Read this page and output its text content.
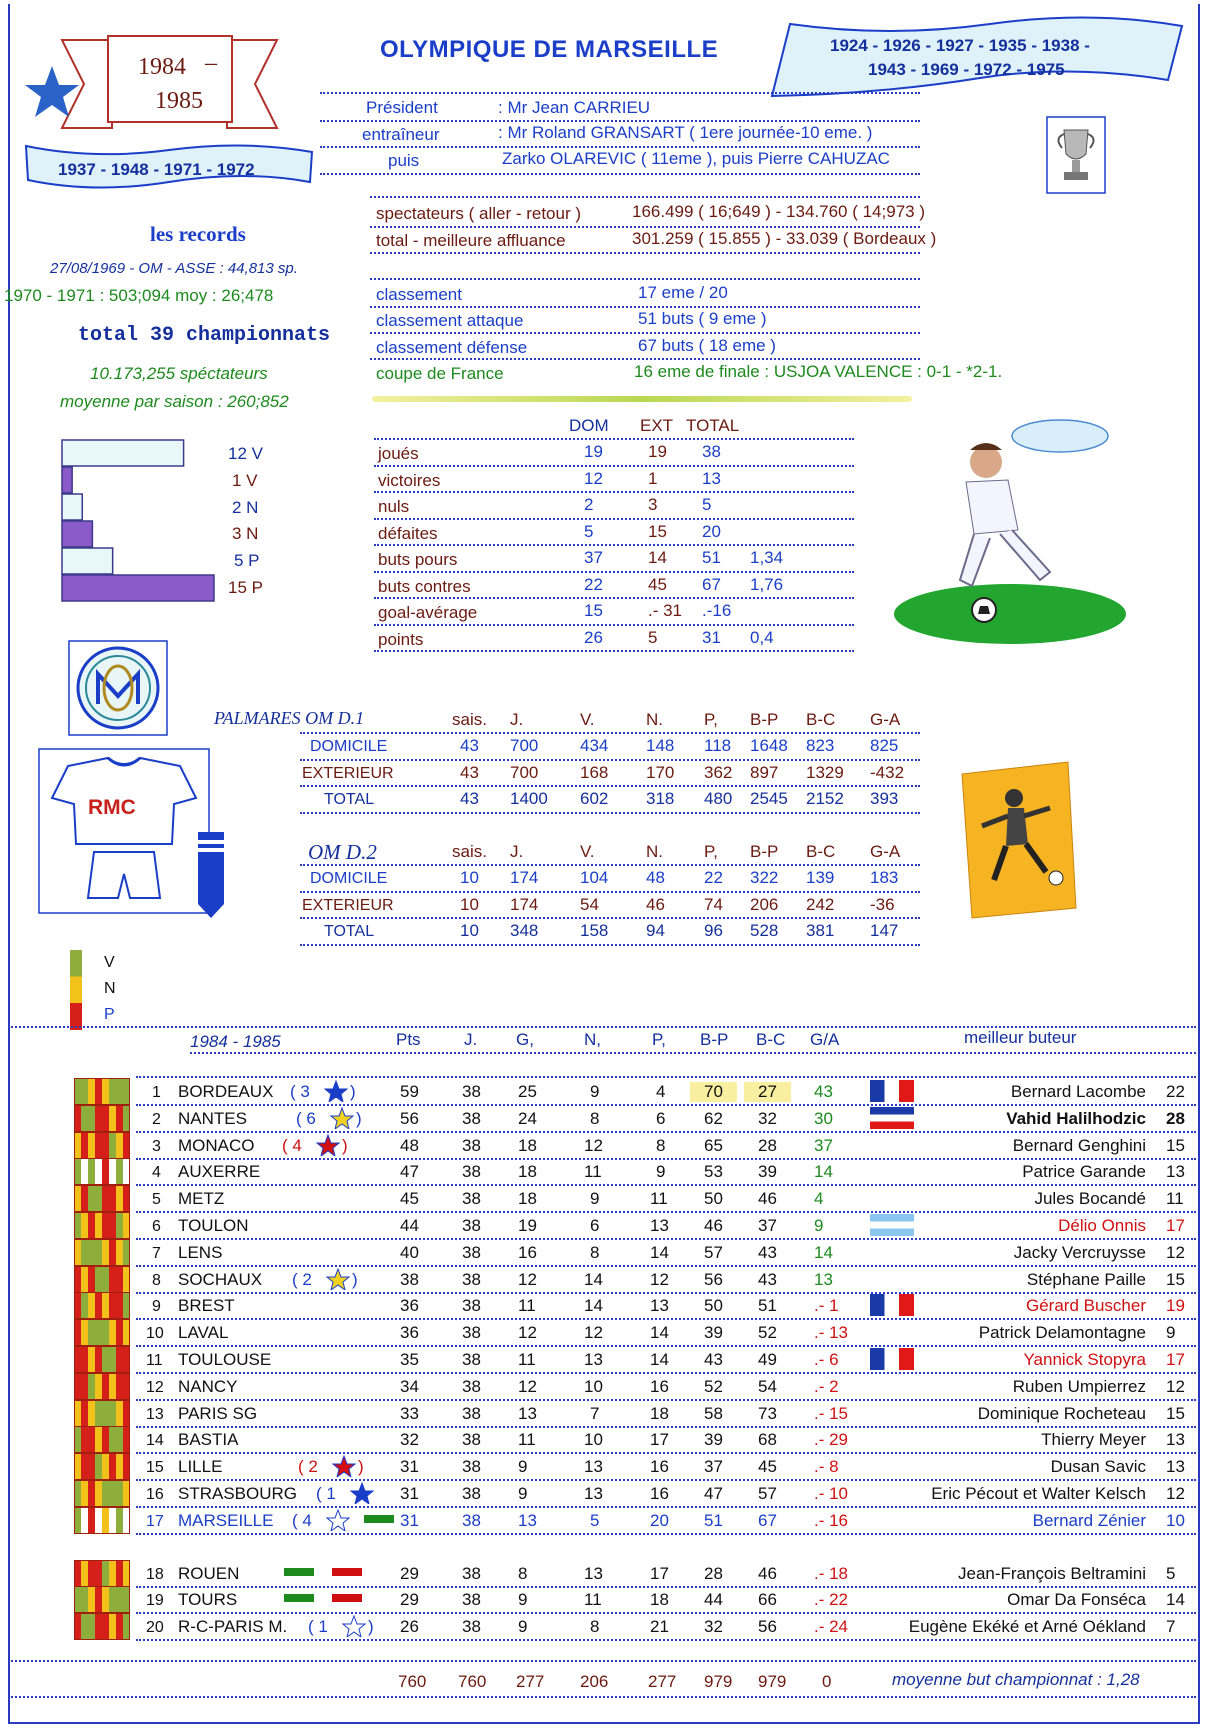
1984 –
1985
1937 - 1948 - 1971 - 1972
OLYMPIQUE DE MARSEILLE	1924 - 1926 - 1927 - 1935 - 1938 -
1943 - 1969 - 1972 - 1975
Président	: Mr Jean CARRIEU
entraîneur	: Mr Roland GRANSART ( 1ere journée-10 eme. )
puis	Zarko OLAREVIC ( 11eme ), puis Pierre CAHUZAC
spectateurs ( aller - retour )	166.499 ( 16;649 ) - 134.760 ( 14;973 )
total - meilleure affluance	301.259 ( 15.855 ) - 33.039 ( Bordeaux )
classement	17 eme / 20
classement attaque	51 buts ( 9 eme )
classement défense	67 buts ( 18 eme )
coupe de France	16 eme de finale : USJOA VALENCE : 0-1 - *2-1.
les records
27/08/1969 - OM - ASSE : 44,813 sp.
1970 - 1971 : 503;094 moy : 26;478
total 39 championnats
10.173,255 spéctateurs
moyenne par saison : 260;852
12 V
1 V
2 N
3 N
5 P
15 P
RMC
DOM EXT TOTAL
joués	19	19 38
victoires	12	1	13
nuls	2	3	5
défaites	5	15 20
buts pours	37	14 51 1,34
buts contres	22	45 67 1,76
goal-avérage	15	.- 31 .-16
points	26	5	31 0,4
PALMARES OM D.1	sais. J.	V.	N. P, B-P B-C G-A
DOMICILE	43 700 434 148 118 1648 823 825
EXTERIEUR	43 700 168 170 362 897 1329 -432
TOTAL	43 1400 602 318 480 2545 2152 393
OM D.2	sais. J.	V.	N. P, B-P B-C G-A
DOMICILE	10 174 104 48 22 322 139 183
EXTERIEUR	10 174 54	46 74 206 242 -36
TOTAL	10 348 158 94 96 528 381 147
V
N
P
1984 - 1985	Pts	J. G,	N,	P, B-P B-C G/A	meilleur buteur
1 BORDEAUX ( 3 )	59	38 25	9	4	70	27	43	Bernard Lacombe 22
2 NANTES	( 6 ) 56	38 24	8	6 62 32 30	Vahid Halilhodzic 28
3 MONACO ( 4 )	48	38 18	12	8 65 28 37	Bernard Genghini 15
4 AUXERRE	47	38 18	11	9 53 39 14	Patrice Garande 13
5 METZ	45	38 18	9	11 50 46 4	Jules Bocandé 11
6 TOULON	44	38 19	6	13 46 37 9	Délio Onnis 17
7 LENS	40	38 16	8	14 57 43 14	Jacky Vercruysse 12
8 SOCHAUX ( 2 ) 38	38 12	14	12 56 43 13	Stéphane Paille 15
9 BREST	36	38 11	14	13 50 51 .- 1	Gérard Buscher 19
10 LAVAL	36	38 12	12	14 39 52 .- 13	Patrick Delamontagne 9
11 TOULOUSE	35	38 11	13	14 43 49 .- 6	Yannick Stopyra 17
12 NANCY	34	38 12	10	16 52 54 .- 2	Ruben Umpierrez 12
13 PARIS SG	33	38 13	7	18 58 73 .- 15	Dominique Rocheteau 15
14 BASTIA	32	38 11	10	17 39 68 .- 29	Thierry Meyer 13
15 LILLE	( 2 ) 31	38 9	13	16 37 45 .- 8	Dusan Savic 13
16 STRASBOURG ( 1	31	38 9	13	16 47 57 .- 10	Eric Pécout et Walter Kelsch 12
17 MARSEILLE ( 4	31	38 13	5	20 51 67 .- 16	Bernard Zénier 10
18 ROUEN	29	38 8	13	17 28 46 .- 18	Jean-François Beltramini 5
19 TOURS	29	38 9	11	18 44 66 .- 22	Omar Da Fonséca 14
20 R-C-PARIS M. ( 1 ) 26	38 9	8	21 32 56 .- 24	Eugène Ekéké et Arné Oékland 7
760 760 277 206 277 979 979 0	moyenne but championnat : 1,28
